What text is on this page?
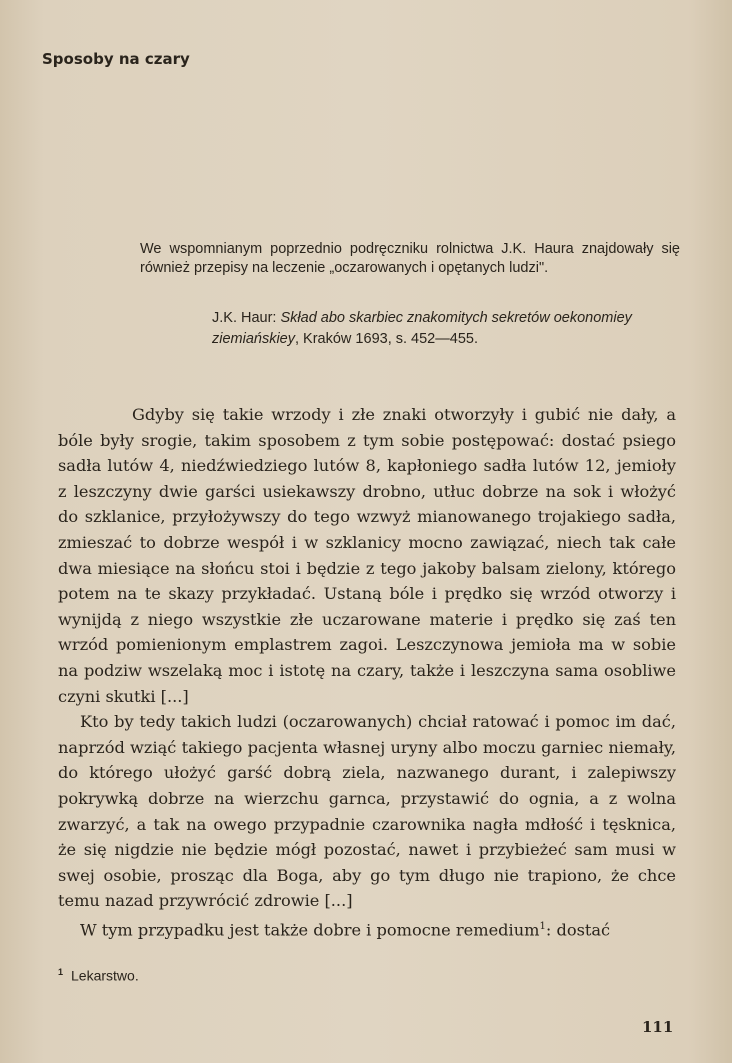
Sposoby na czary

We wspomnianym poprzednio podręczniku rolnictwa J.K. Haura znajdowały się również przepisy na leczenie „oczarowanych i opętanych ludzi".

J.K. Haur: Skład abo skarbiec znakomitych sekretów oekonomiey ziemiańskiey, Kraków 1693, s. 452—455.

Gdyby się takie wrzody i złe znaki otworzyły i gubić nie dały, a bóle były srogie, takim sposobem z tym sobie postępować: dostać psiego sadła lutów 4, niedźwiedziego lutów 8, kapłoniego sadła lutów 12, jemioły z leszczyny dwie garści usiekawszy drobno, utłuc dobrze na sok i włożyć do szklanice, przyłożywszy do tego wzwyż mianowanego trojakiego sadła, zmieszać to dobrze wespół i w szklanicy mocno zawiązać, niech tak całe dwa miesiące na słońcu stoi i będzie z tego jakoby balsam zielony, którego potem na te skazy przykładać. Ustaną bóle i prędko się wrzód otworzy i wynijdą z niego wszystkie złe uczarowane materie i prędko się zaś ten wrzód pomienionym emplastrem zagoi. Leszczynowa jemioła ma w sobie na podziw wszelaką moc i istotę na czary, także i leszczyna sama osobliwe czyni skutki [...]

Kto by tedy takich ludzi (oczarowanych) chciał ratować i pomoc im dać, naprzód wziąć takiego pacjenta własnej uryny albo moczu garniec niemały, do którego ułożyć garść dobrą ziela, nazwanego durant, i zalepiwszy pokrywką dobrze na wierzchu garnca, przystawić do ognia, a z wolna zwarzyć, a tak na owego przypadnie czarownika nagła mdłość i tęsknica, że się nigdzie nie będzie mógł pozostać, nawet i przybieżeć sam musi w swej osobie, prosząc dla Boga, aby go tym długo nie trapiono, że chce temu nazad przywrócić zdrowie [...]

W tym przypadku jest także dobre i pomocne remedium$^1$: dostać

$^1$ Lekarstwo.
111
